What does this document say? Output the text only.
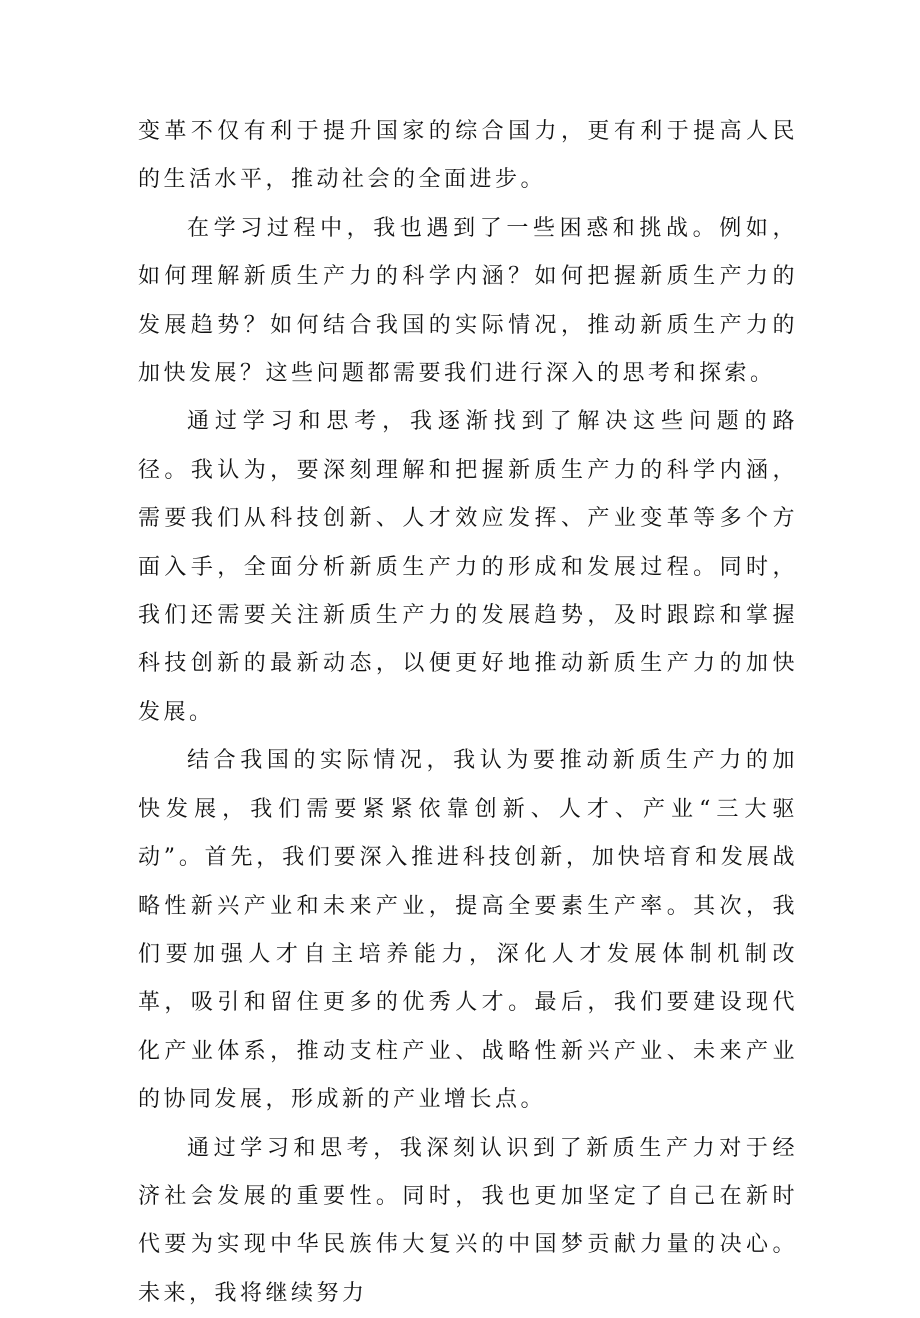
变革不仅有利于提升国家的综合国力，更有利于提高人民的生活水平，推动社会的全面进步。

在学习过程中，我也遇到了一些困惑和挑战。例如，如何理解新质生产力的科学内涵？如何把握新质生产力的发展趋势？如何结合我国的实际情况，推动新质生产力的加快发展？这些问题都需要我们进行深入的思考和探索。

通过学习和思考，我逐渐找到了解决这些问题的路径。我认为，要深刻理解和把握新质生产力的科学内涵，需要我们从科技创新、人才效应发挥、产业变革等多个方面入手，全面分析新质生产力的形成和发展过程。同时，我们还需要关注新质生产力的发展趋势，及时跟踪和掌握科技创新的最新动态，以便更好地推动新质生产力的加快发展。

结合我国的实际情况，我认为要推动新质生产力的加快发展，我们需要紧紧依靠创新、人才、产业“三大驱动”。首先，我们要深入推进科技创新，加快培育和发展战略性新兴产业和未来产业，提高全要素生产率。其次，我们要加强人才自主培养能力，深化人才发展体制机制改革，吸引和留住更多的优秀人才。最后，我们要建设现代化产业体系，推动支柱产业、战略性新兴产业、未来产业的协同发展，形成新的产业增长点。

通过学习和思考，我深刻认识到了新质生产力对于经济社会发展的重要性。同时，我也更加坚定了自己在新时代要为实现中华民族伟大复兴的中国梦贡献力量的决心。未来，我将继续努力
